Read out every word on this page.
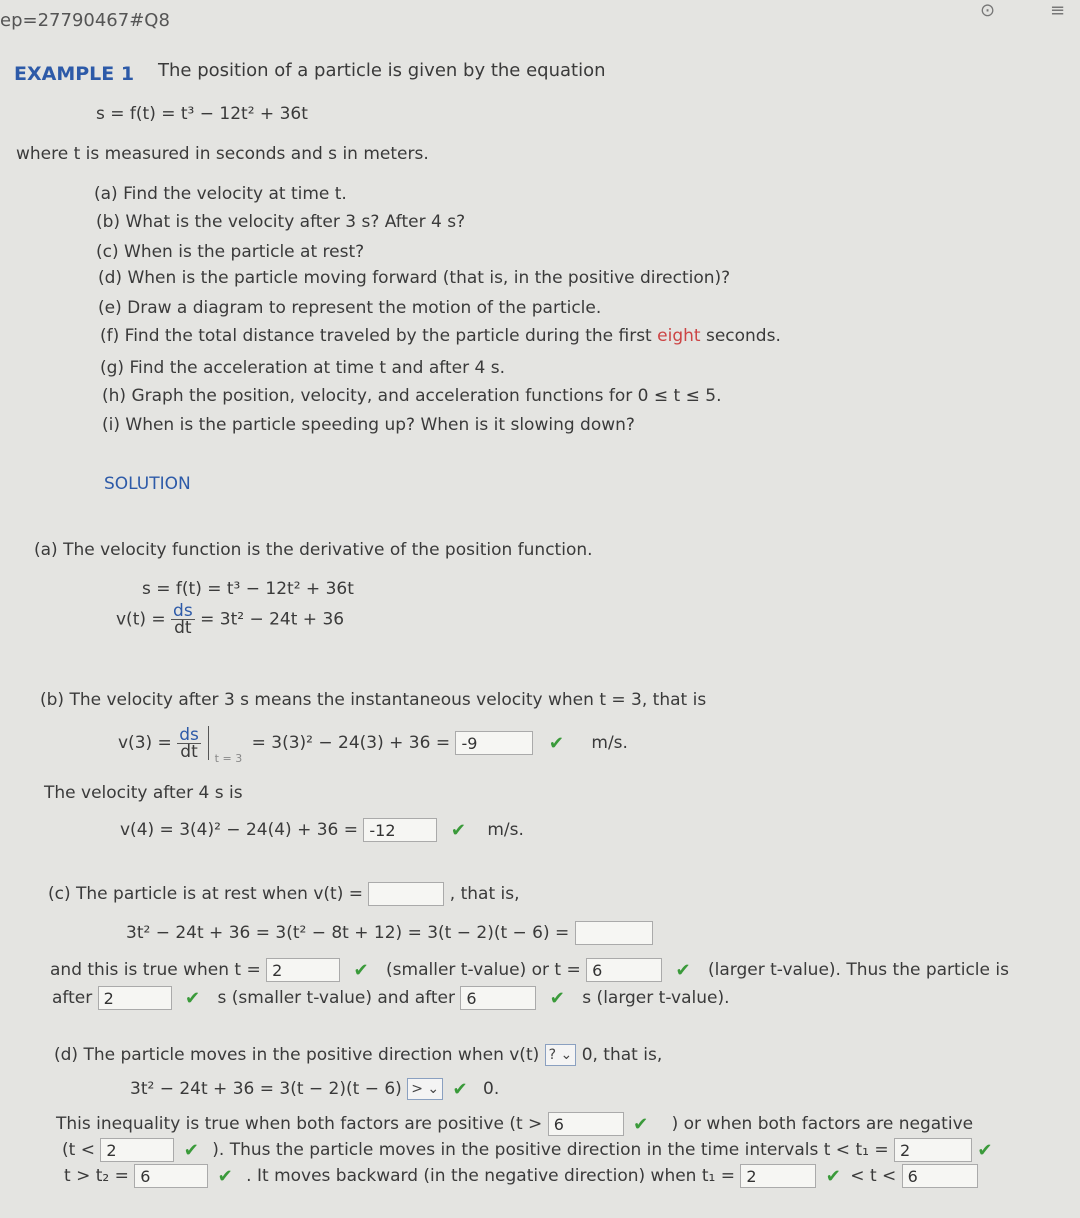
ep=27790467#Q8	⊙	≡
EXAMPLE 1 The position of a particle is given by the equation
s = f(t) = t³ − 12t² + 36t
where t is measured in seconds and s in meters.
(a) Find the velocity at time t.
(b) What is the velocity after 3 s? After 4 s?
(c) When is the particle at rest?
(d) When is the particle moving forward (that is, in the positive direction)?
(e) Draw a diagram to represent the motion of the particle.
(f) Find the total distance traveled by the particle during the first eight seconds.
(g) Find the acceleration at time t and after 4 s.
(h) Graph the position, velocity, and acceleration functions for 0 ≤ t ≤ 5.
(i) When is the particle speeding up? When is it slowing down?
SOLUTION
(a) The velocity function is the derivative of the position function.
s = f(t) = t³ − 12t² + 36t
$v(t) = \frac{ds}{dt} = 3t^2 - 24t + 36$
(b) The velocity after 3 s means the instantaneous velocity when t = 3, that is
$v(3) = \frac{ds}{dt} _{t = 3} = 3(3)^2 - 24(3) + 36 = -9$	✔ m/s.
The velocity after 4 s is
v(4) = 3(4)² − 24(4) + 36 = -12	✔ m/s.
(c) The particle is at rest when v(t) =	, that is,
3t² − 24t + 36 = 3(t² − 8t + 12) = 3(t − 2)(t − 6) =
and this is true when t = 2	✔ (smaller t-value) or t = 6	✔ (larger t-value). Thus the particle is
after 2	✔ s (smaller t-value) and after 6	✔ s (larger t-value).
(d) The particle moves in the positive direction when v(t) ? ⌄ 0, that is,
3t² − 24t + 36 = 3(t − 2)(t − 6) > ⌄ ✔ 0.
This inequality is true when both factors are positive (t > 6	✔ ) or when both factors are negative
(t < 2	✔ ). Thus the particle moves in the positive direction in the time intervals t < t₁ = 2	✔
t > t₂ = 6	✔ . It moves backward (in the negative direction) when t₁ = 2	✔ < t < 6
